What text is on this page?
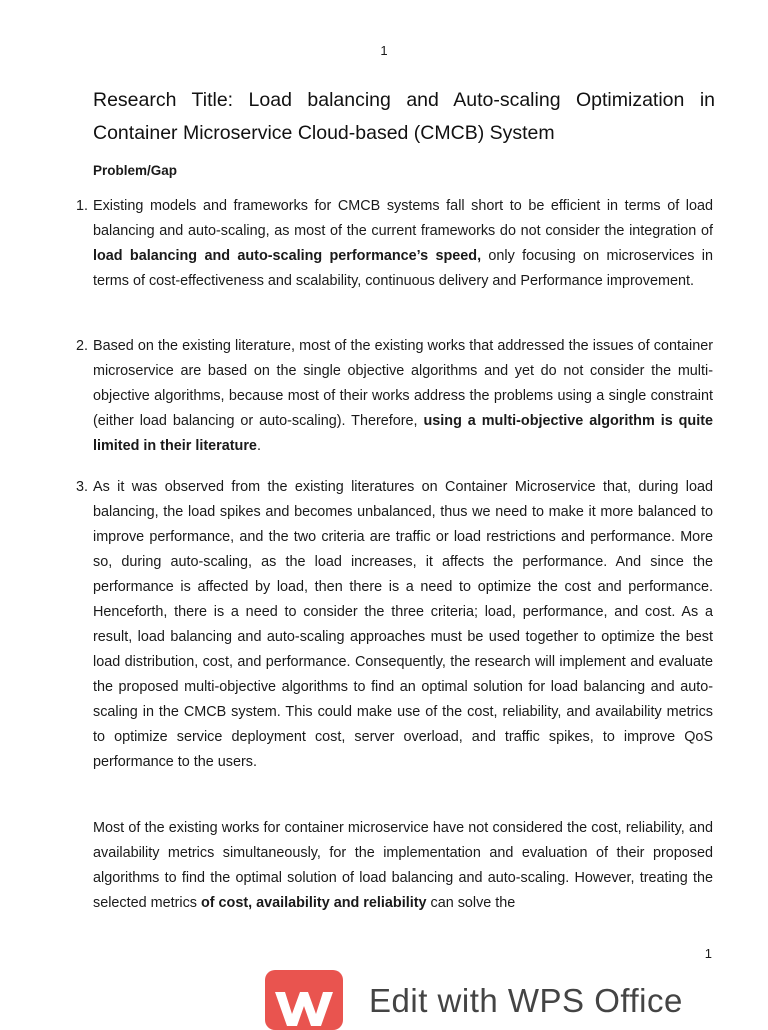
1
Research Title: Load balancing and Auto-scaling Optimization in Container Microservice Cloud-based (CMCB) System
Problem/Gap
1. Existing models and frameworks for CMCB systems fall short to be efficient in terms of load balancing and auto-scaling, as most of the current frameworks do not consider the integration of load balancing and auto-scaling performance’s speed, only focusing on microservices in terms of cost-effectiveness and scalability, continuous delivery and Performance improvement.
2. Based on the existing literature, most of the existing works that addressed the issues of container microservice are based on the single objective algorithms and yet do not consider the multi-objective algorithms, because most of their works address the problems using a single constraint (either load balancing or auto-scaling). Therefore, using a multi-objective algorithm is quite limited in their literature.
3. As it was observed from the existing literatures on Container Microservice that, during load balancing, the load spikes and becomes unbalanced, thus we need to make it more balanced to improve performance, and the two criteria are traffic or load restrictions and performance. More so, during auto-scaling, as the load increases, it affects the performance. And since the performance is affected by load, then there is a need to optimize the cost and performance. Henceforth, there is a need to consider the three criteria; load, performance, and cost. As a result, load balancing and auto-scaling approaches must be used together to optimize the best load distribution, cost, and performance. Consequently, the research will implement and evaluate the proposed multi-objective algorithms to find an optimal solution for load balancing and auto-scaling in the CMCB system. This could make use of the cost, reliability, and availability metrics to optimize service deployment cost, server overload, and traffic spikes, to improve QoS performance to the users.
Most of the existing works for container microservice have not considered the cost, reliability, and availability metrics simultaneously, for the implementation and evaluation of their proposed algorithms to find the optimal solution of load balancing and auto-scaling. However, treating the selected metrics of cost, availability and reliability can solve the
1
Edit with WPS Office
